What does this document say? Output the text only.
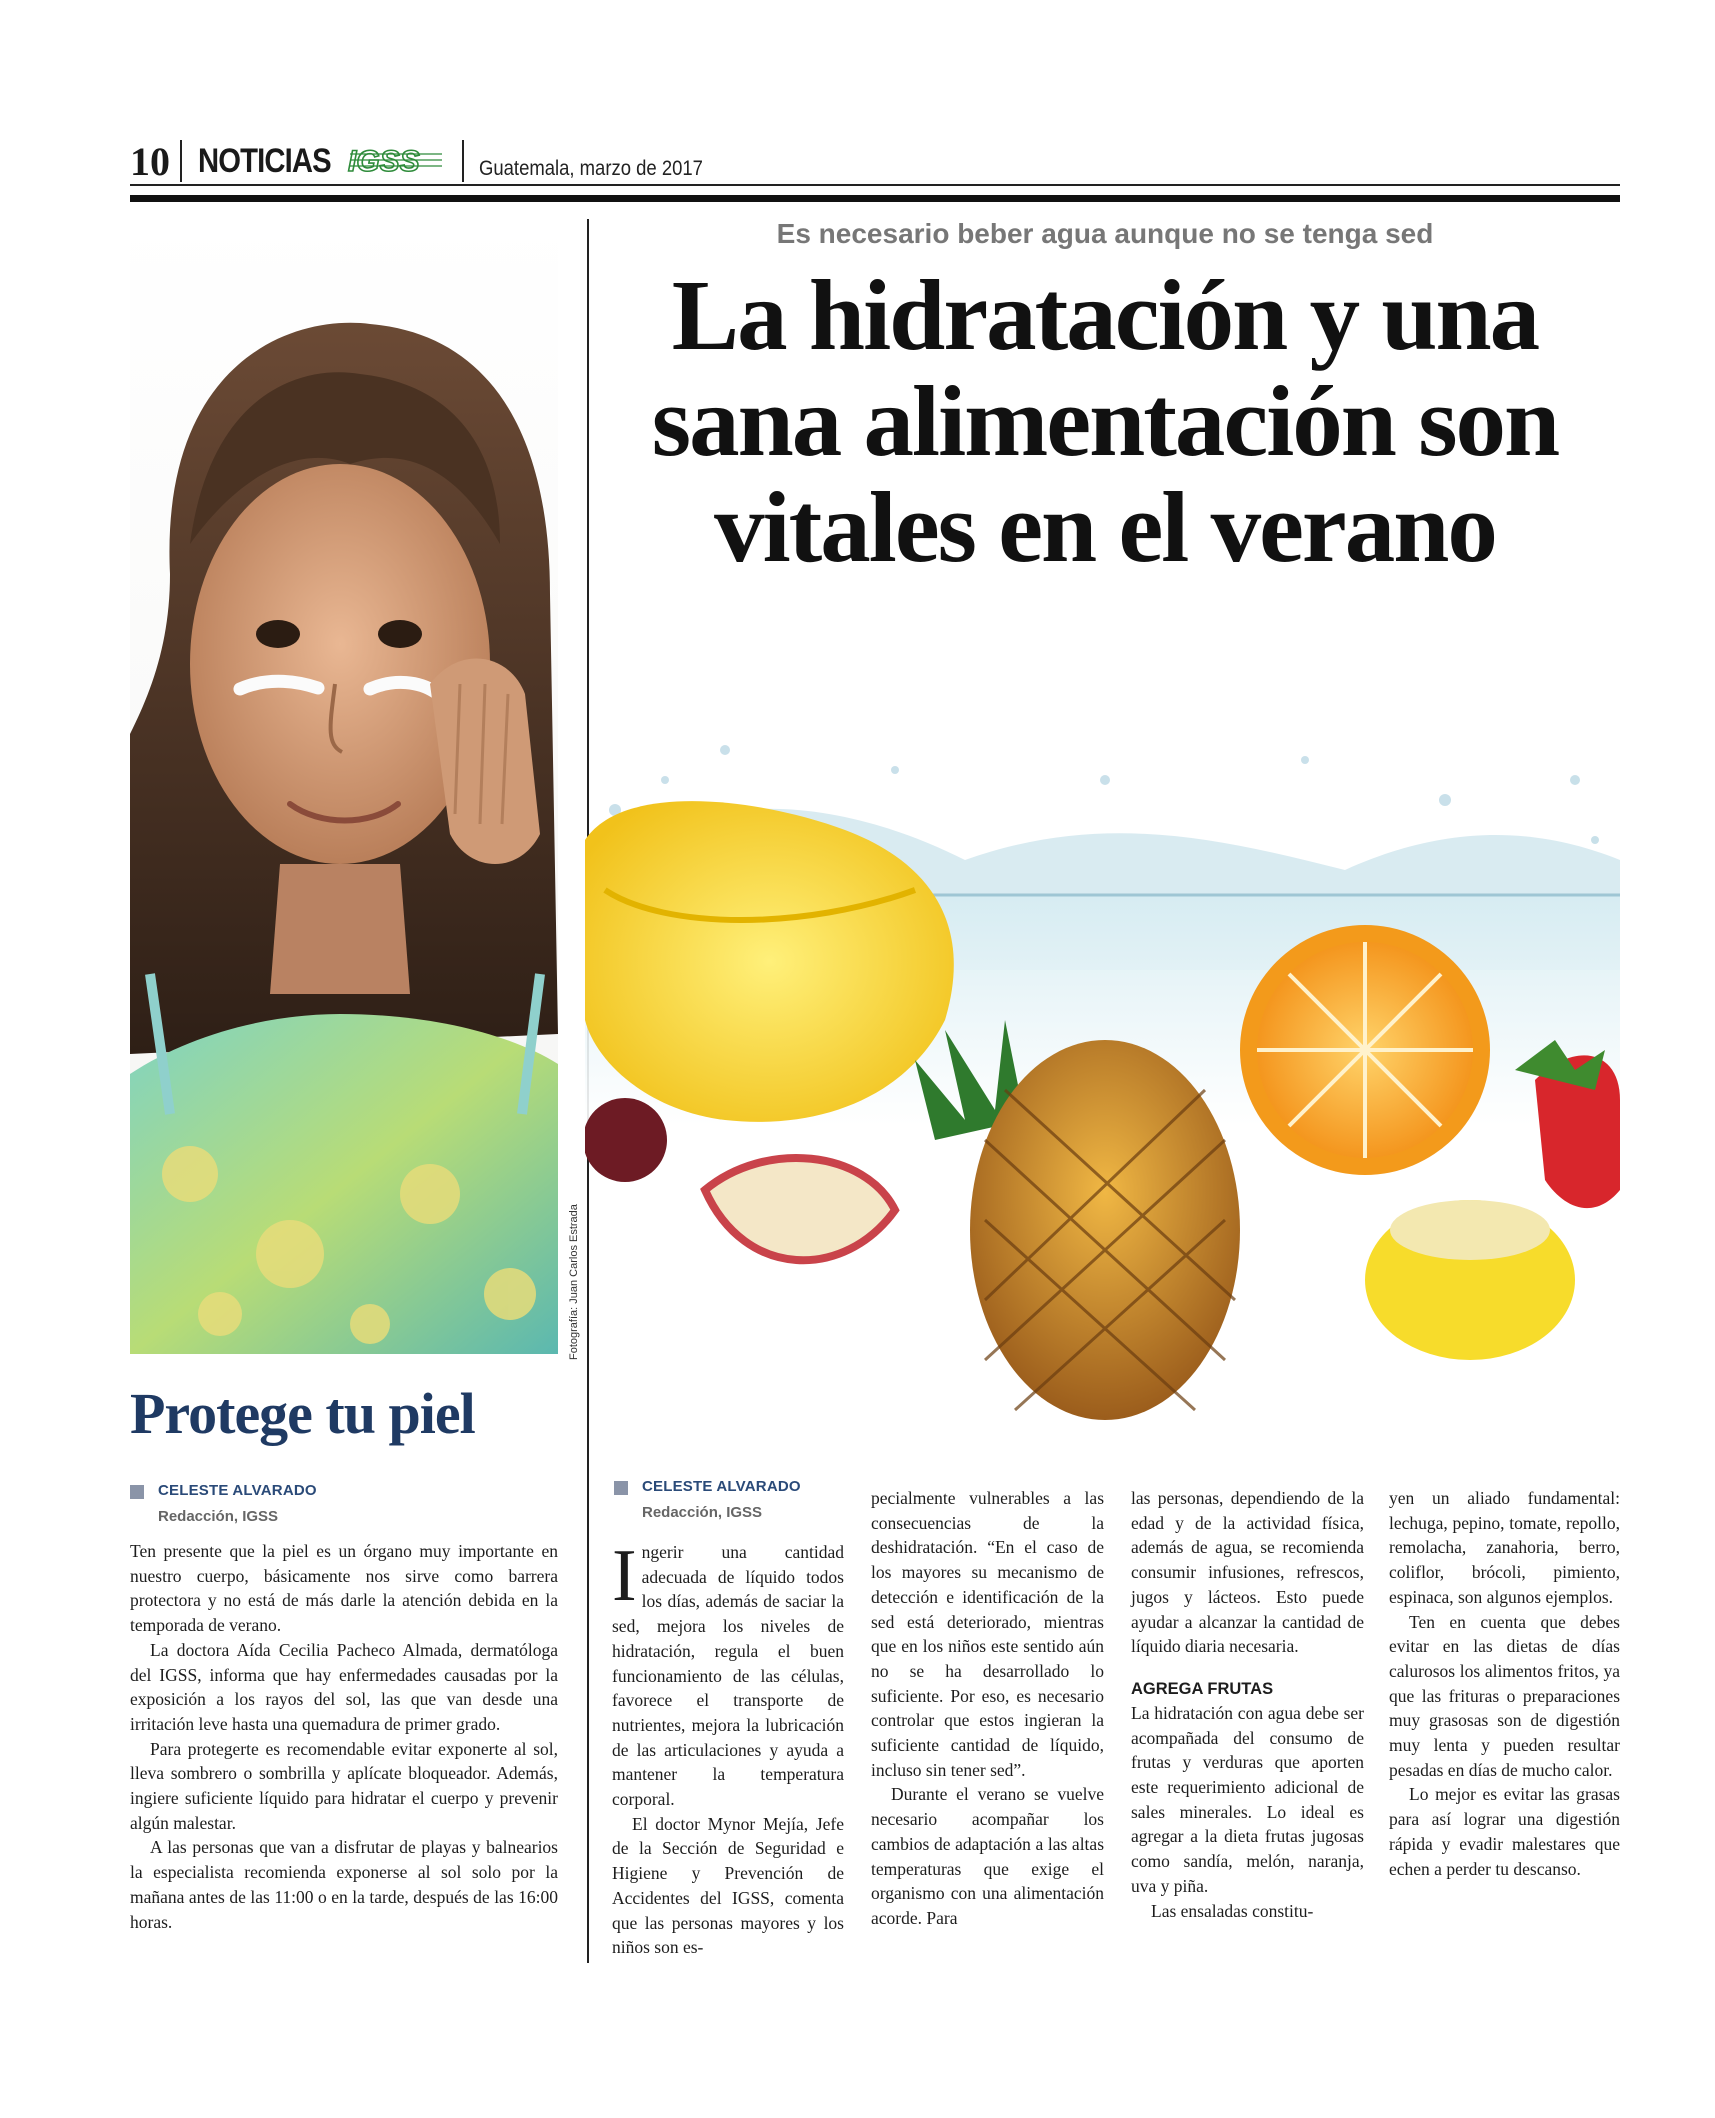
10 NOTICIAS IGSS	Guatemala, marzo de 2017
Fotografía: Juan Carlos Estrada
Es necesario beber agua aunque no se tenga sed
La hidratación y una sana alimentación son vitales en el verano
Protege tu piel
CELESTE ALVARADO
Redacción, IGSS

Ten presente que la piel es un órgano muy importante en nuestro cuerpo, básicamente nos sirve como barrera protectora y no está de más darle la atención debida en la temporada de verano.

La doctora Aída Cecilia Pacheco Almada, dermatóloga del IGSS, informa que hay enfermedades causadas por la exposición a los rayos del sol, las que van desde una irritación leve hasta una quemadura de primer grado.

Para protegerte es recomendable evitar exponerte al sol, lleva sombrero o sombrilla y aplícate bloqueador. Además, ingiere suficiente líquido para hidratar el cuerpo y prevenir algún malestar.

A las personas que van a disfrutar de playas y balnearios la especialista recomienda exponerse al sol solo por la mañana antes de las 11:00 o en la tarde, después de las 16:00 horas.

CELESTE ALVARADO
Redacción, IGSS

Ingerir una cantidad adecuada de líquido todos los días, además de saciar la sed, mejora los niveles de hidratación, regula el buen funcionamiento de las células, favorece el transporte de nutrientes, mejora la lubricación de las articulaciones y ayuda a mantener la temperatura corporal.

El doctor Mynor Mejía, Jefe de la Sección de Seguridad e Higiene y Prevención de Accidentes del IGSS, comenta que las personas mayores y los niños son es-

pecialmente vulnerables a las consecuencias de la deshidratación. “En el caso de los mayores su mecanismo de detección e identificación de la sed está deteriorado, mientras que en los niños este sentido aún no se ha desarrollado lo suficiente. Por eso, es necesario controlar que estos ingieran la suficiente cantidad de líquido, incluso sin tener sed”.

Durante el verano se vuelve necesario acompañar los cambios de adaptación a las altas temperaturas que exige el organismo con una alimentación acorde. Para

las personas, dependiendo de la edad y de la actividad física, además de agua, se recomienda consumir infusiones, refrescos, jugos y lácteos. Esto puede ayudar a alcanzar la cantidad de líquido diaria necesaria.

AGREGA FRUTAS

La hidratación con agua debe ser acompañada del consumo de frutas y verduras que aporten este requerimiento adicional de sales minerales. Lo ideal es agregar a la dieta frutas jugosas como sandía, melón, naranja, uva y piña.

Las ensaladas constitu-

yen un aliado fundamental: lechuga, pepino, tomate, repollo, remolacha, zanahoria, berro, coliflor, brócoli, pimiento, espinaca, son algunos ejemplos.

Ten en cuenta que debes evitar en las dietas de días calurosos los alimentos fritos, ya que las frituras o preparaciones muy grasosas son de digestión muy lenta y pueden resultar pesadas en días de mucho calor.

Lo mejor es evitar las grasas para así lograr una digestión rápida y evadir malestares que echen a perder tu descanso.
